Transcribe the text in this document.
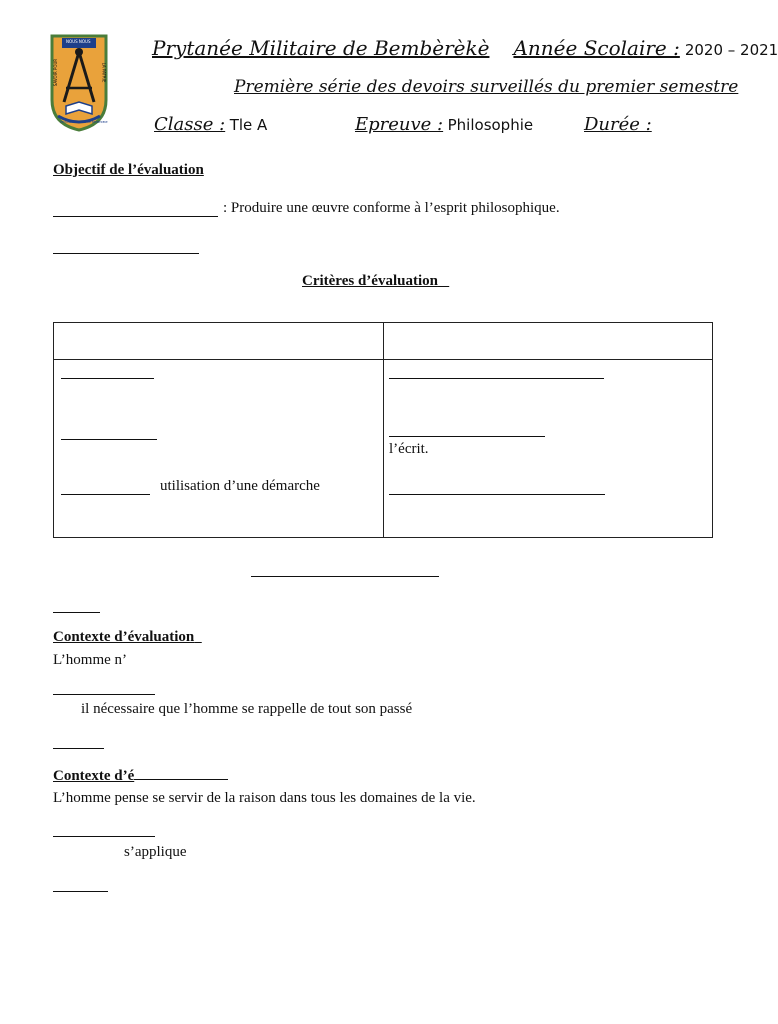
NOUS NOUS
SAVOIR POUR	LA PATRIE
PRYTANEE MILITAIRE DE BEMBEREKE
Prytanée Militaire de Bembèrèkè Année Scolaire : 2020 – 2021
Première série des devoirs surveillés du premier semestre
Classe : Tle A	Epreuve : Philosophie	Durée :
Objectif de l’évaluation
: Produire une œuvre conforme à l’esprit philosophique.
Critères d’évaluation
utilisation d’une démarche
l’écrit.
Contexte d’évaluation
L’homme n’
il nécessaire que l’homme se rappelle de tout son passé
Contexte d’é
L’homme pense se servir de la raison dans tous les domaines de la vie.
s’applique
